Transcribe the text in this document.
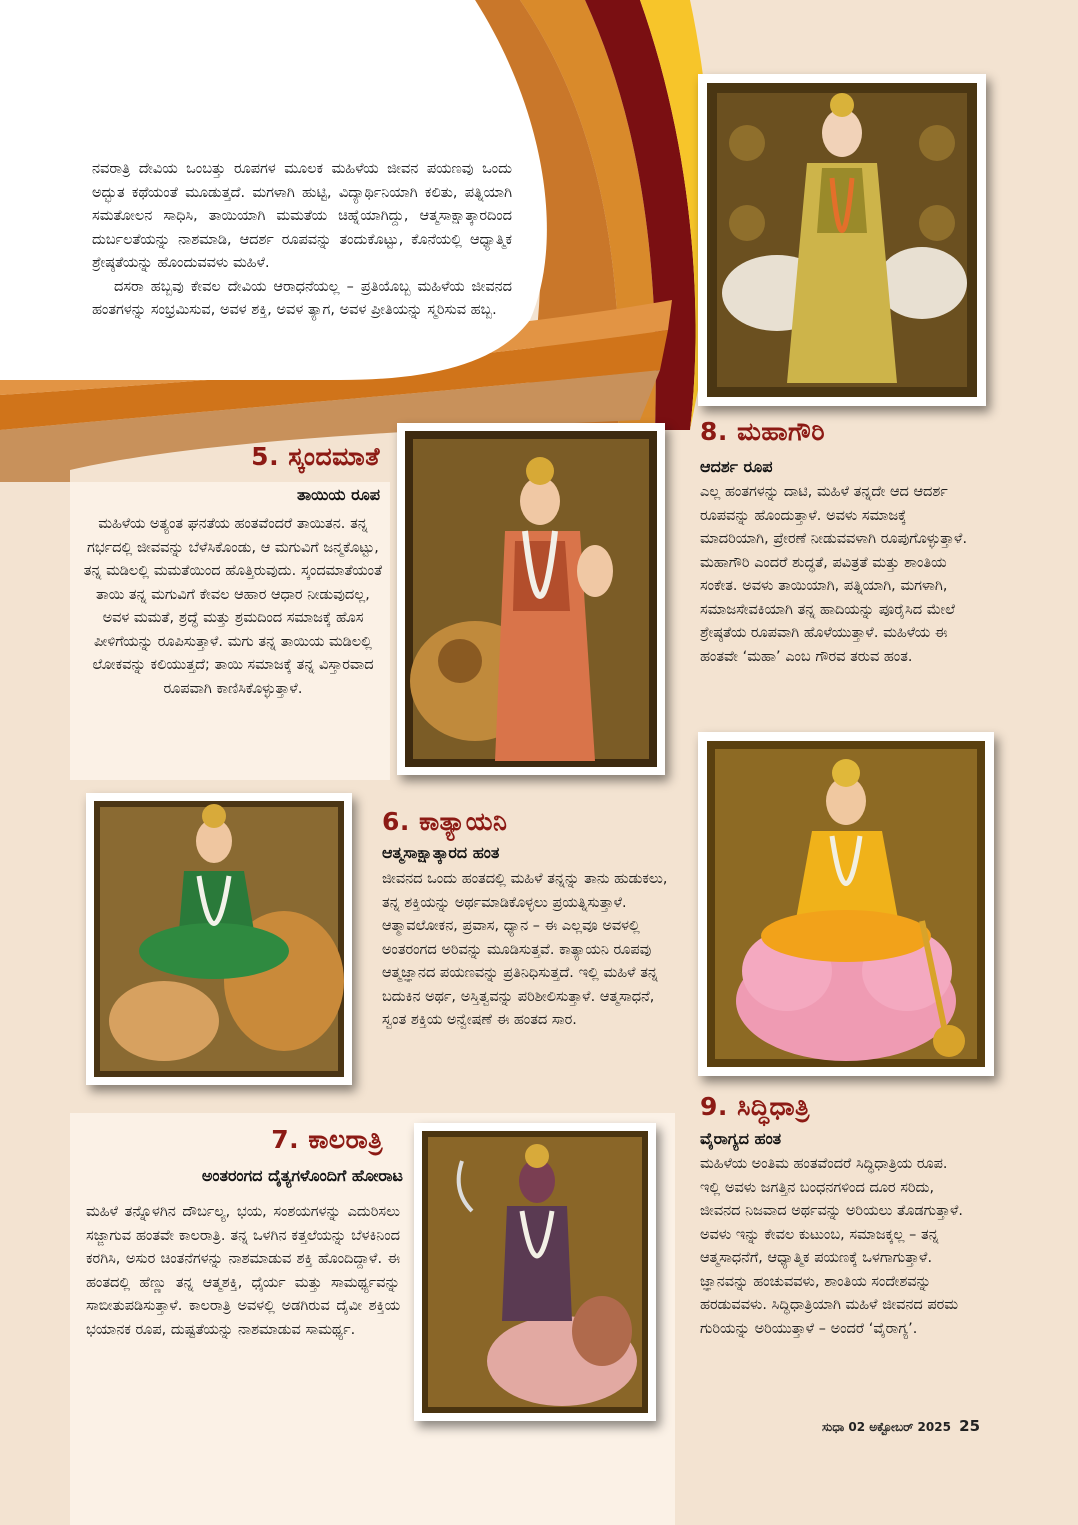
ನವರಾತ್ರಿ ದೇವಿಯ ಒಂಬತ್ತು ರೂಪಗಳ ಮೂಲಕ ಮಹಿಳೆಯ ಜೀವನ ಪಯಣವು ಒಂದು ಅದ್ಭುತ ಕಥೆಯಂತೆ ಮೂಡುತ್ತದೆ. ಮಗಳಾಗಿ ಹುಟ್ಟಿ, ವಿದ್ಯಾರ್ಥಿನಿಯಾಗಿ ಕಲಿತು, ಪತ್ನಿಯಾಗಿ ಸಮತೋಲನ ಸಾಧಿಸಿ, ತಾಯಿಯಾಗಿ ಮಮತೆಯ ಚಿಹ್ನೆಯಾಗಿದ್ದು, ಆತ್ಮಸಾಕ್ಷಾತ್ಕಾರದಿಂದ ದುರ್ಬಲತೆಯನ್ನು ನಾಶಮಾಡಿ, ಆದರ್ಶ ರೂಪವನ್ನು ತಂದುಕೊಟ್ಟು, ಕೊನೆಯಲ್ಲಿ ಆಧ್ಯಾತ್ಮಿಕ ಶ್ರೇಷ್ಠತೆಯನ್ನು ಹೊಂದುವವಳು ಮಹಿಳೆ.

ದಸರಾ ಹಬ್ಬವು ಕೇವಲ ದೇವಿಯ ಆರಾಧನೆಯಲ್ಲ – ಪ್ರತಿಯೊಬ್ಬ ಮಹಿಳೆಯ ಜೀವನದ ಹಂತಗಳನ್ನು ಸಂಭ್ರಮಿಸುವ, ಅವಳ ಶಕ್ತಿ, ಅವಳ ತ್ಯಾಗ, ಅವಳ ಪ್ರೀತಿಯನ್ನು ಸ್ಮರಿಸುವ ಹಬ್ಬ.

8. ಮಹಾಗೌರಿ
ಆದರ್ಶ ರೂಪ
ಎಲ್ಲ ಹಂತಗಳನ್ನು ದಾಟಿ, ಮಹಿಳೆ ತನ್ನದೇ ಆದ ಆದರ್ಶ ರೂಪವನ್ನು ಹೊಂದುತ್ತಾಳೆ. ಅವಳು ಸಮಾಜಕ್ಕೆ ಮಾದರಿಯಾಗಿ, ಪ್ರೇರಣೆ ನೀಡುವವಳಾಗಿ ರೂಪುಗೊಳ್ಳುತ್ತಾಳೆ. ಮಹಾಗೌರಿ ಎಂದರೆ ಶುದ್ಧತೆ, ಪವಿತ್ರತೆ ಮತ್ತು ಶಾಂತಿಯ ಸಂಕೇತ. ಅವಳು ತಾಯಿಯಾಗಿ, ಪತ್ನಿಯಾಗಿ, ಮಗಳಾಗಿ, ಸಮಾಜಸೇವಕಿಯಾಗಿ ತನ್ನ ಹಾದಿಯನ್ನು ಪೂರೈಸಿದ ಮೇಲೆ ಶ್ರೇಷ್ಠತೆಯ ರೂಪವಾಗಿ ಹೊಳೆಯುತ್ತಾಳೆ. ಮಹಿಳೆಯ ಈ ಹಂತವೇ ‘ಮಹಾ’ ಎಂಬ ಗೌರವ ತರುವ ಹಂತ.
5. ಸ್ಕಂದಮಾತೆ
ತಾಯಿಯ ರೂಪ
ಮಹಿಳೆಯ ಅತ್ಯಂತ ಘನತೆಯ ಹಂತವೆಂದರೆ ತಾಯಿತನ. ತನ್ನ ಗರ್ಭದಲ್ಲಿ ಜೀವವನ್ನು ಬೆಳೆಸಿಕೊಂಡು, ಆ ಮಗುವಿಗೆ ಜನ್ಮಕೊಟ್ಟು, ತನ್ನ ಮಡಿಲಲ್ಲಿ ಮಮತೆಯಿಂದ ಹೊತ್ತಿರುವುದು. ಸ್ಕಂದಮಾತೆಯಂತೆ ತಾಯಿ ತನ್ನ ಮಗುವಿಗೆ ಕೇವಲ ಆಹಾರ ಆಧಾರ ನೀಡುವುದಲ್ಲ, ಅವಳ ಮಮತೆ, ಶ್ರದ್ಧೆ ಮತ್ತು ಶ್ರಮದಿಂದ ಸಮಾಜಕ್ಕೆ ಹೊಸ ಪೀಳಿಗೆಯನ್ನು ರೂಪಿಸುತ್ತಾಳೆ. ಮಗು ತನ್ನ ತಾಯಿಯ ಮಡಿಲಲ್ಲಿ ಲೋಕವನ್ನು ಕಲಿಯುತ್ತದೆ; ತಾಯಿ ಸಮಾಜಕ್ಕೆ ತನ್ನ ವಿಸ್ತಾರವಾದ ರೂಪವಾಗಿ ಕಾಣಿಸಿಕೊಳ್ಳುತ್ತಾಳೆ.
6. ಕಾತ್ಯಾಯನಿ
ಆತ್ಮಸಾಕ್ಷಾತ್ಕಾರದ ಹಂತ
ಜೀವನದ ಒಂದು ಹಂತದಲ್ಲಿ ಮಹಿಳೆ ತನ್ನನ್ನು ತಾನು ಹುಡುಕಲು, ತನ್ನ ಶಕ್ತಿಯನ್ನು ಅರ್ಥಮಾಡಿಕೊಳ್ಳಲು ಪ್ರಯತ್ನಿಸುತ್ತಾಳೆ. ಆತ್ಮಾವಲೋಕನ, ಪ್ರವಾಸ, ಧ್ಯಾನ – ಈ ಎಲ್ಲವೂ ಅವಳಲ್ಲಿ ಅಂತರಂಗದ ಅರಿವನ್ನು ಮೂಡಿಸುತ್ತವೆ. ಕಾತ್ಯಾಯನಿ ರೂಪವು ಆತ್ಮಜ್ಞಾನದ ಪಯಣವನ್ನು ಪ್ರತಿನಿಧಿಸುತ್ತದೆ. ಇಲ್ಲಿ ಮಹಿಳೆ ತನ್ನ ಬದುಕಿನ ಅರ್ಥ, ಅಸ್ತಿತ್ವವನ್ನು ಪರಿಶೀಲಿಸುತ್ತಾಳೆ. ಆತ್ಮಸಾಧನೆ, ಸ್ವಂತ ಶಕ್ತಿಯ ಅನ್ವೇಷಣೆ ಈ ಹಂತದ ಸಾರ.
9. ಸಿದ್ಧಿಧಾತ್ರಿ
ವೈರಾಗ್ಯದ ಹಂತ
ಮಹಿಳೆಯ ಅಂತಿಮ ಹಂತವೆಂದರೆ ಸಿದ್ಧಿಧಾತ್ರಿಯ ರೂಪ. ಇಲ್ಲಿ ಅವಳು ಜಗತ್ತಿನ ಬಂಧನಗಳಿಂದ ದೂರ ಸರಿದು, ಜೀವನದ ನಿಜವಾದ ಅರ್ಥವನ್ನು ಅರಿಯಲು ತೊಡಗುತ್ತಾಳೆ. ಅವಳು ಇನ್ನು ಕೇವಲ ಕುಟುಂಬ, ಸಮಾಜಕ್ಕಲ್ಲ – ತನ್ನ ಆತ್ಮಸಾಧನೆಗೆ, ಆಧ್ಯಾತ್ಮಿಕ ಪಯಣಕ್ಕೆ ಒಳಗಾಗುತ್ತಾಳೆ. ಜ್ಞಾನವನ್ನು ಹಂಚುವವಳು, ಶಾಂತಿಯ ಸಂದೇಶವನ್ನು ಹರಡುವವಳು. ಸಿದ್ಧಿಧಾತ್ರಿಯಾಗಿ ಮಹಿಳೆ ಜೀವನದ ಪರಮ ಗುರಿಯನ್ನು ಅರಿಯುತ್ತಾಳೆ – ಅಂದರೆ ‘ವೈರಾಗ್ಯ’.
7. ಕಾಲರಾತ್ರಿ
ಅಂತರಂಗದ ದೈತ್ಯಗಳೊಂದಿಗೆ ಹೋರಾಟ
ಮಹಿಳೆ ತನ್ನೊಳಗಿನ ದೌರ್ಬಲ್ಯ, ಭಯ, ಸಂಶಯಗಳನ್ನು ಎದುರಿಸಲು ಸಜ್ಜಾಗುವ ಹಂತವೇ ಕಾಲರಾತ್ರಿ. ತನ್ನ ಒಳಗಿನ ಕತ್ತಲೆಯನ್ನು ಬೆಳಕಿನಿಂದ ಕರಗಿಸಿ, ಅಸುರ ಚಿಂತನೆಗಳನ್ನು ನಾಶಮಾಡುವ ಶಕ್ತಿ ಹೊಂದಿದ್ದಾಳೆ. ಈ ಹಂತದಲ್ಲಿ ಹೆಣ್ಣು ತನ್ನ ಆತ್ಮಶಕ್ತಿ, ಧೈರ್ಯ ಮತ್ತು ಸಾಮರ್ಥ್ಯವನ್ನು ಸಾಬೀತುಪಡಿಸುತ್ತಾಳೆ. ಕಾಲರಾತ್ರಿ ಅವಳಲ್ಲಿ ಅಡಗಿರುವ ದೈವೀ ಶಕ್ತಿಯ ಭಯಾನಕ ರೂಪ, ದುಷ್ಟತೆಯನ್ನು ನಾಶಮಾಡುವ ಸಾಮರ್ಥ್ಯ.
ಸುಧಾ 02 ಅಕ್ಟೋಬರ್ 2025 25
